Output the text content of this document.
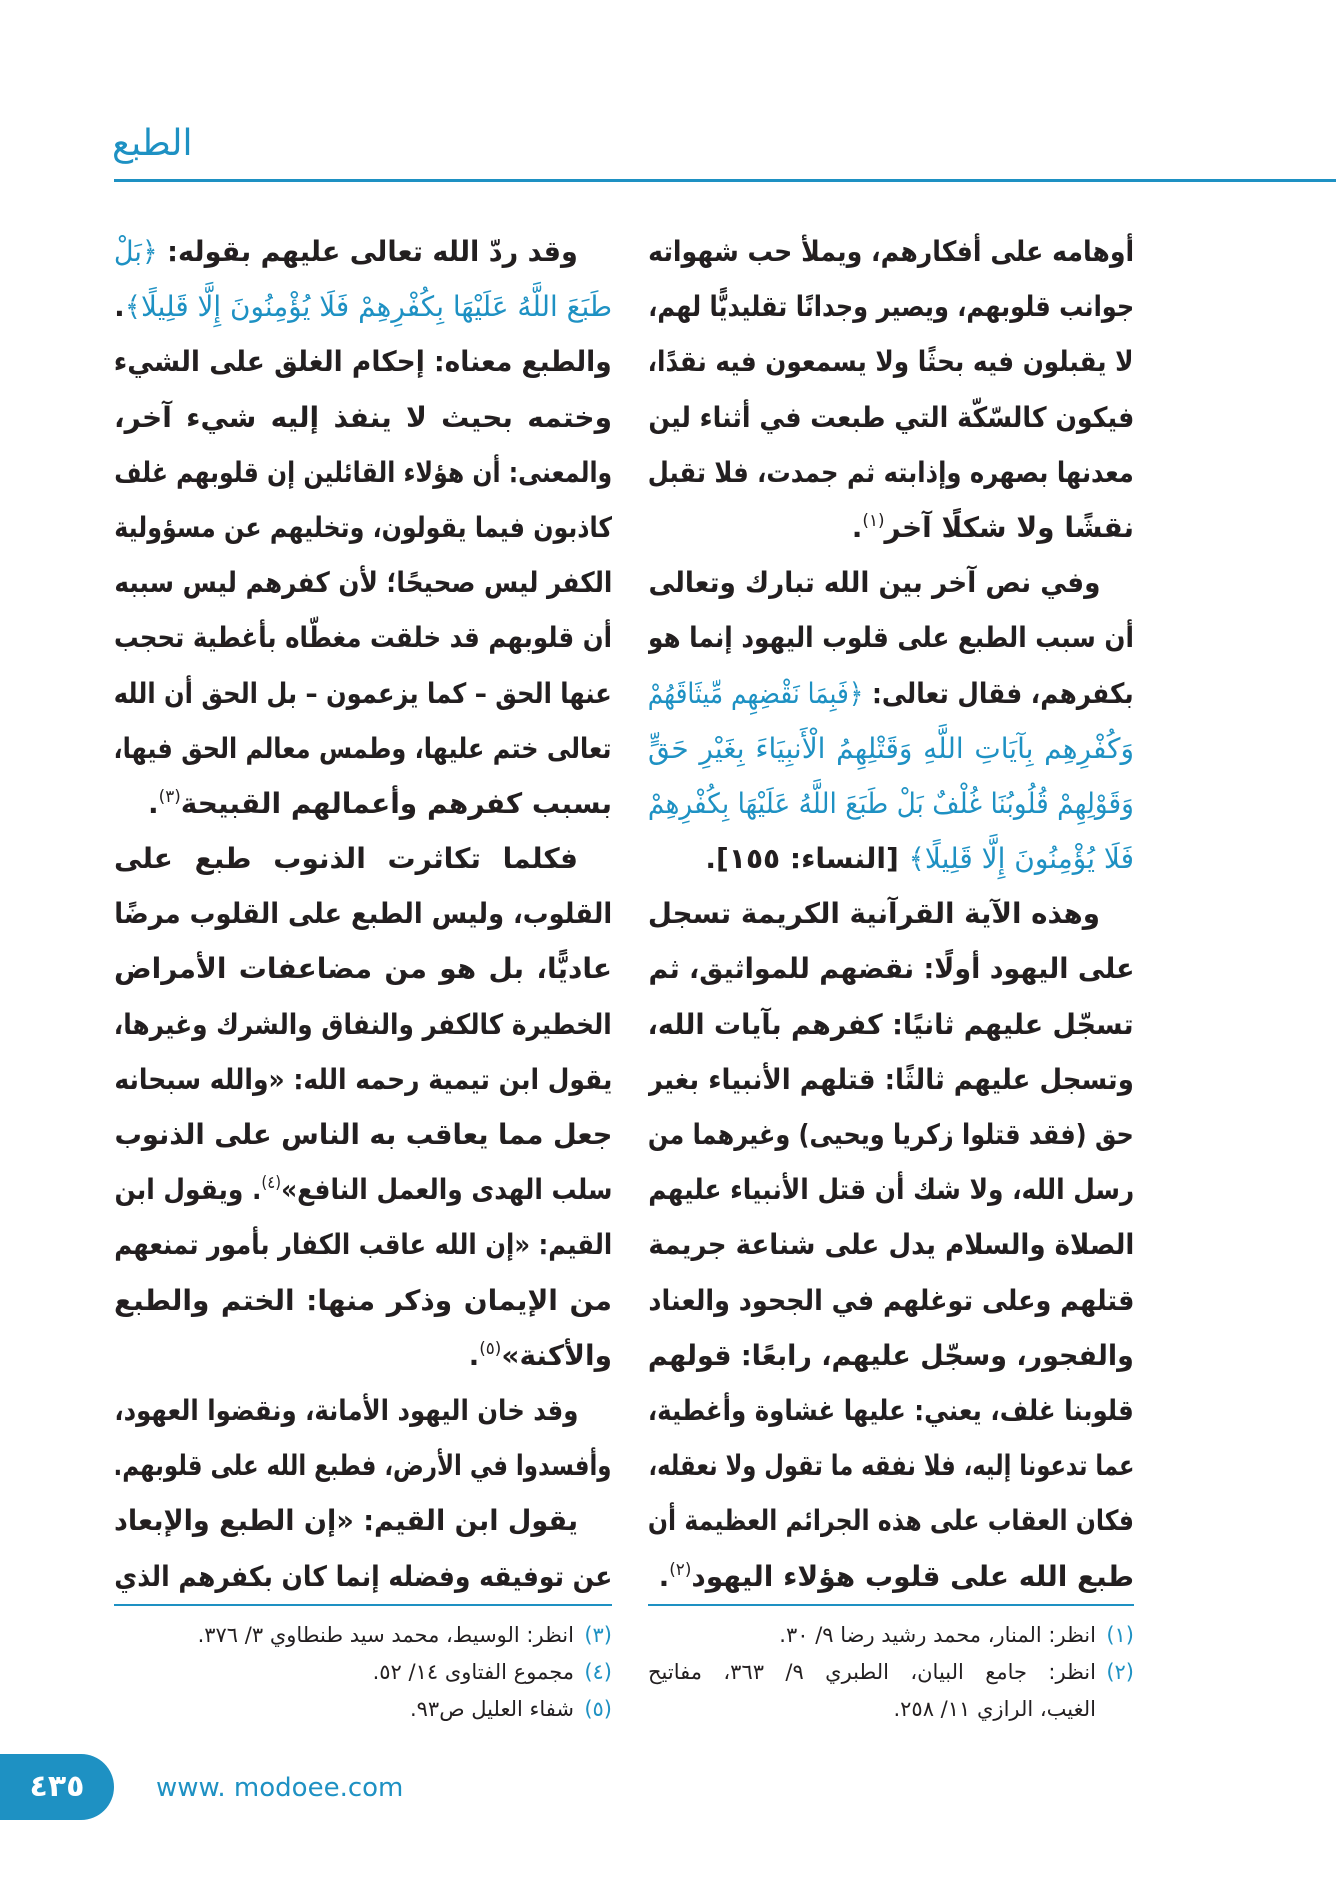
الطبع
أوهامه على أفكارهم، ويملأ حب شهواته
جوانب قلوبهم، ويصير وجدانًا تقليديًّا لهم،
لا يقبلون فيه بحثًا ولا يسمعون فيه نقدًا،
فيكون كالسّكّة التي طبعت في أثناء لين
معدنها بصهره وإذابته ثم جمدت، فلا تقبل
نقشًا ولا شكلًا آخر$^{(١)}$.
وفي نص آخر بين الله تبارك وتعالى
أن سبب الطبع على قلوب اليهود إنما هو
بكفرهم، فقال تعالى: ﴿فَبِمَا نَقْضِهِم مِّيثَاقَهُمْ
وَكُفْرِهِم بِآيَاتِ اللَّهِ وَقَتْلِهِمُ الْأَنبِيَاءَ بِغَيْرِ حَقٍّ
وَقَوْلِهِمْ قُلُوبُنَا غُلْفٌ بَلْ طَبَعَ اللَّهُ عَلَيْهَا بِكُفْرِهِمْ
فَلَا يُؤْمِنُونَ إِلَّا قَلِيلًا﴾ [النساء: ١٥٥].
وهذه الآية القرآنية الكريمة تسجل
على اليهود أولًا: نقضهم للمواثيق، ثم
تسجّل عليهم ثانيًا: كفرهم بآيات الله،
وتسجل عليهم ثالثًا: قتلهم الأنبياء بغير
حق (فقد قتلوا زكريا ويحيى) وغيرهما من
رسل الله، ولا شك أن قتل الأنبياء عليهم
الصلاة والسلام يدل على شناعة جريمة
قتلهم وعلى توغلهم في الجحود والعناد
والفجور، وسجّل عليهم، رابعًا: قولهم
قلوبنا غلف، يعني: عليها غشاوة وأغطية،
عما تدعونا إليه، فلا نفقه ما تقول ولا نعقله،
فكان العقاب على هذه الجرائم العظيمة أن
طبع الله على قلوب هؤلاء اليهود$^{(٢)}$.
(١)انظر: المنار، محمد رشيد رضا ٩/ ٣٠.
(٢)انظر: جامع البيان، الطبري ٩/ ٣٦٣، مفاتيح
الغيب، الرازي ١١/ ٢٥٨.
وقد ردّ الله تعالى عليهم بقوله: ﴿بَلْ
طَبَعَ اللَّهُ عَلَيْهَا بِكُفْرِهِمْ فَلَا يُؤْمِنُونَ إِلَّا قَلِيلًا﴾.
والطبع معناه: إحكام الغلق على الشيء
وختمه بحيث لا ينفذ إليه شيء آخر،
والمعنى: أن هؤلاء القائلين إن قلوبهم غلف
كاذبون فيما يقولون، وتخليهم عن مسؤولية
الكفر ليس صحيحًا؛ لأن كفرهم ليس سببه
أن قلوبهم قد خلقت مغطّاه بأغطية تحجب
عنها الحق – كما يزعمون – بل الحق أن الله
تعالى ختم عليها، وطمس معالم الحق فيها،
بسبب كفرهم وأعمالهم القبيحة$^{(٣)}$.
فكلما تكاثرت الذنوب طبع على
القلوب، وليس الطبع على القلوب مرضًا
عاديًّا، بل هو من مضاعفات الأمراض
الخطيرة كالكفر والنفاق والشرك وغيرها،
يقول ابن تيمية رحمه الله: «والله سبحانه
جعل مما يعاقب به الناس على الذنوب
سلب الهدى والعمل النافع»$^{(٤)}$. ويقول ابن
القيم: «إن الله عاقب الكفار بأمور تمنعهم
من الإيمان وذكر منها: الختم والطبع
والأكنة»$^{(٥)}$.
وقد خان اليهود الأمانة، ونقضوا العهود،
وأفسدوا في الأرض، فطبع الله على قلوبهم.
يقول ابن القيم: «إن الطبع والإبعاد
عن توفيقه وفضله إنما كان بكفرهم الذي
(٣)انظر: الوسيط، محمد سيد طنطاوي ٣/ ٣٧٦.
(٤)مجموع الفتاوى ١٤/ ٥٢.
(٥)شفاء العليل ص٩٣.
٤٣٥	www. modoee.com
